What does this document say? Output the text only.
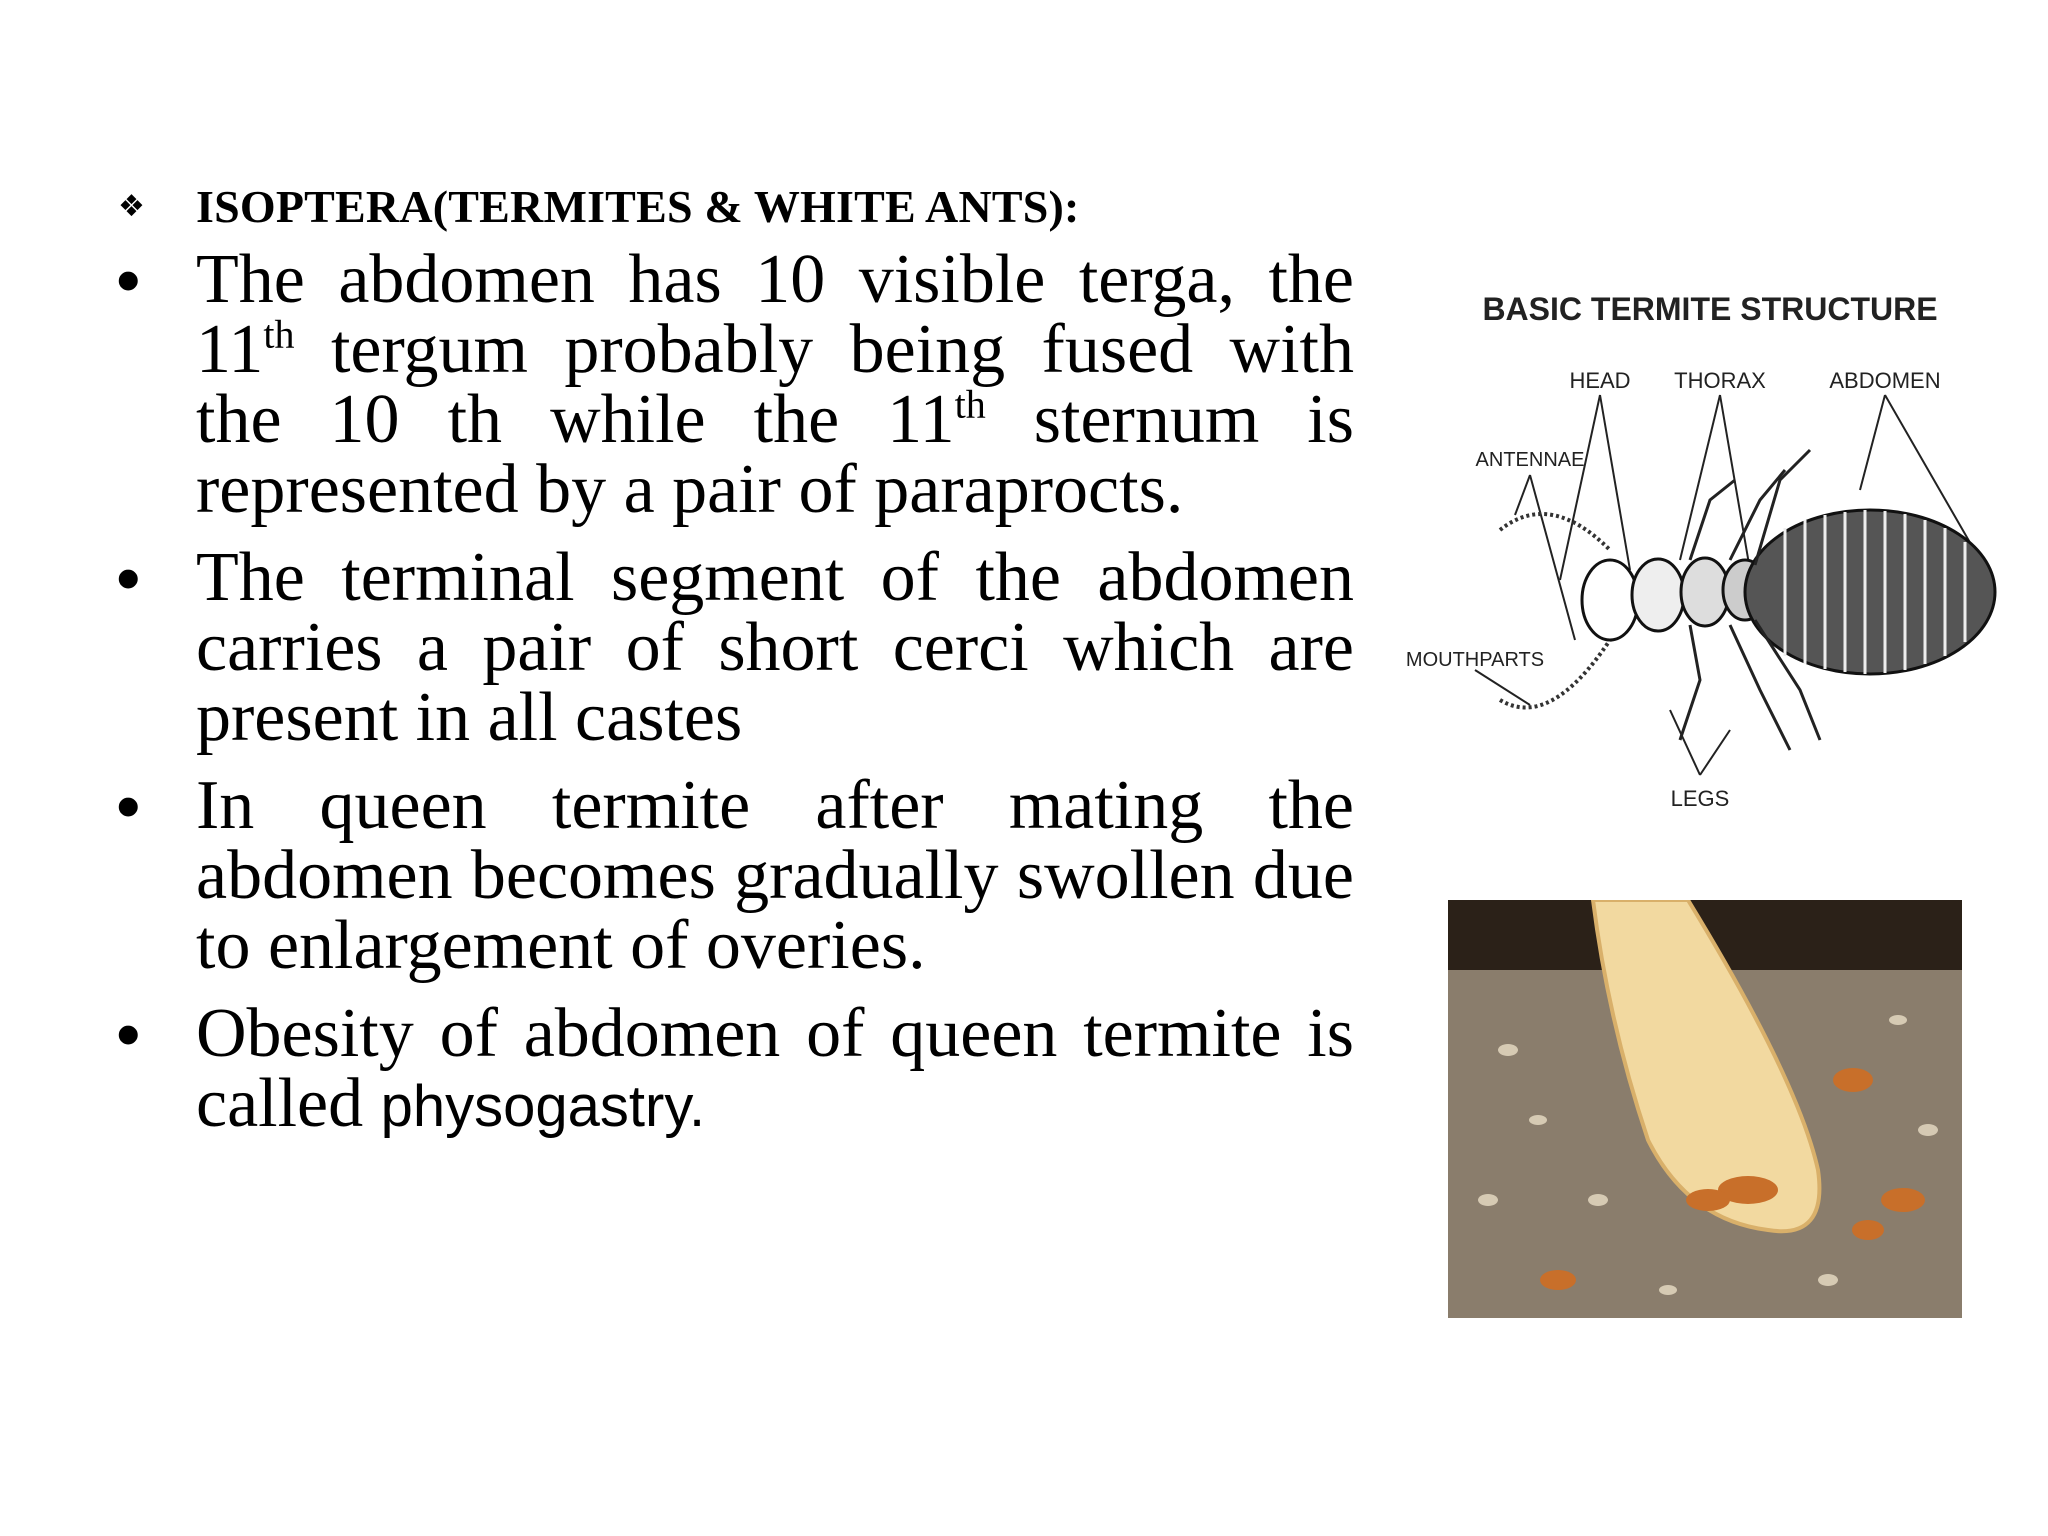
❖	ISOPTERA(TERMITES & WHITE ANTS):
• The abdomen has 10 visible terga, the 11th tergum probably being fused with the 10 th while the 11th sternum is represented by a pair of paraprocts.
• The terminal segment of the abdomen carries a pair of short cerci which are present in all castes
• In queen termite after mating the abdomen becomes gradually swollen due to enlargement of overies.
• Obesity of abdomen of queen termite is called physogastry.
BASIC TERMITE STRUCTURE
HEAD THORAX	ABDOMEN
ANTENNAE
MOUTHPARTS
LEGS
